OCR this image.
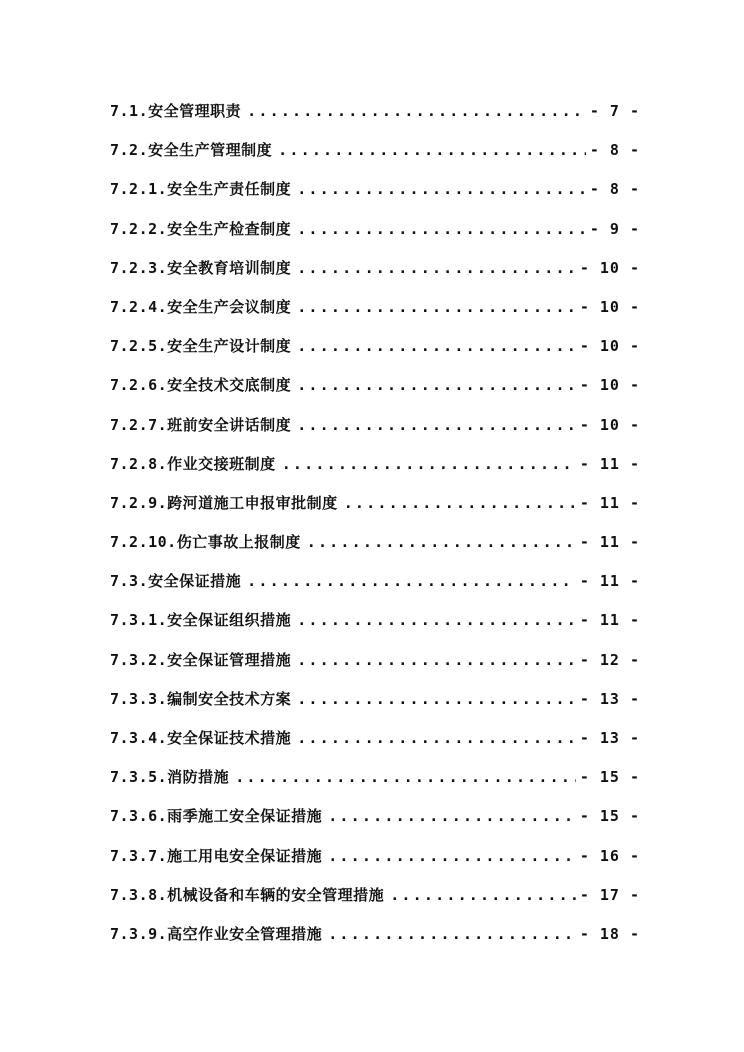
7.1.安全管理职责 .....	- 7 -
7.2.安全生产管理制度 .....	- 8 -
7.2.1.安全生产责任制度 .....	- 8 -
7.2.2.安全生产检查制度 .....	- 9 -
7.2.3.安全教育培训制度 .....	- 10 -
7.2.4.安全生产会议制度 .....	- 10 -
7.2.5.安全生产设计制度 .....	- 10 -
7.2.6.安全技术交底制度 .....	- 10 -
7.2.7.班前安全讲话制度 .....	- 10 -
7.2.8.作业交接班制度 .....	- 11 -
7.2.9.跨河道施工申报审批制度 .....	- 11 -
7.2.10.伤亡事故上报制度 .....	- 11 -
7.3.安全保证措施 .....	- 11 -
7.3.1.安全保证组织措施 .....	- 11 -
7.3.2.安全保证管理措施 .....	- 12 -
7.3.3.编制安全技术方案 .....	- 13 -
7.3.4.安全保证技术措施 .....	- 13 -
7.3.5.消防措施 .....	- 15 -
7.3.6.雨季施工安全保证措施 .....	- 15 -
7.3.7.施工用电安全保证措施 .....	- 16 -
7.3.8.机械设备和车辆的安全管理措施 .....	- 17 -
7.3.9.高空作业安全管理措施 .....	- 18 -
